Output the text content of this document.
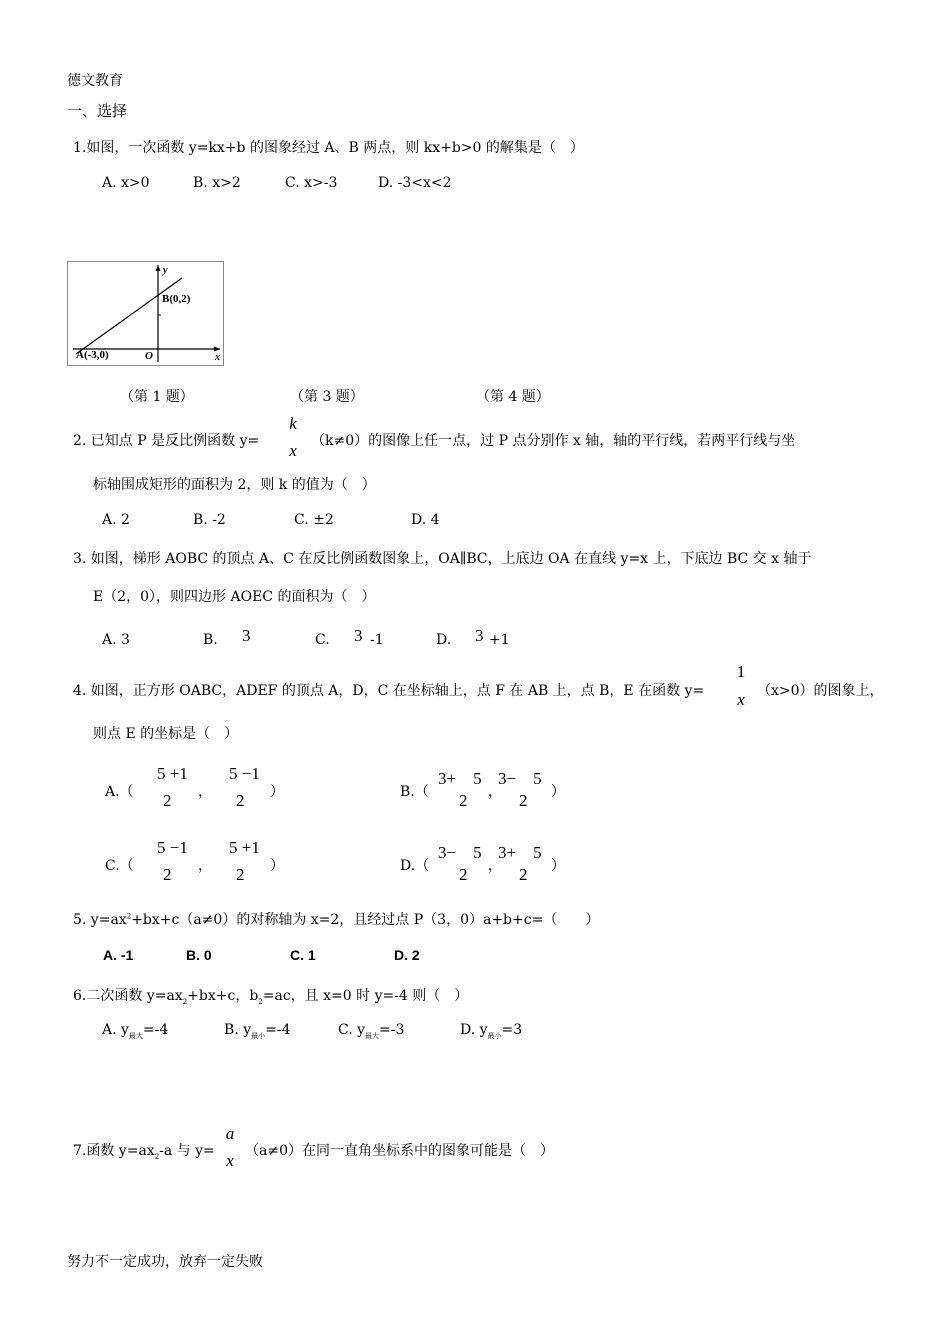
德文教育
一、选择
1.如图，一次函数 y=kx+b 的图象经过 A、B 两点，则 kx+b>0 的解集是（　）
A. x>0	B. x>2	C. x>-3	D. -3<x<2
y
x
O
A(-3,0)
B(0,2)
（第 1 题）	（第 3 题）	（第 4 题）
2. 已知点 P 是反比例函数 y=
k
x （k≠0）的图像上任一点，过 P 点分别作 x 轴，轴的平行线，若两平行线与坐
标轴围成矩形的面积为 2，则 k 的值为（　）
A. 2	B. -2	C. ±2	D. 4
3. 如图，梯形 AOBC 的顶点 A、C 在反比例函数图象上，OA∥BC，上底边 OA 在直线 y=x 上，下底边 BC 交 x 轴于
E（2，0），则四边形 AOEC 的面积为（　）
A. 3	B. 3	C. 3 -1	D. 3 +1
4. 如图，正方形 OABC，ADEF 的顶点 A，D，C 在坐标轴上，点 F 在 AB 上，点 B，E 在函数 y=
1
x （x>0）的图象上，
则点 E 的坐标是（　）
A.（
5 +1
2 ，
5 −1
2 ）	B.（
3+　5
2 ，
3−　5
2 ）
C.（
5 −1
2 ，
5 +1
2 ）	D.（
3−　5
2 ，
3+　5
2 ）
5. $y=ax^2+bx+c(a\ne 0)$的对称轴为 x=2，且经过点 P（3，0）a+b+c=（　　）
A. -1	B. 0	C. 1	D. 2
6.二次函数 $y=ax_2+bx+c$，$b_2=ac$，且 x=0 时 y=-4 则（　）
A. $y_{最大}=-4$	B. $y_{最小}=-4$	C. $y_{最大}=-3$	D. $y_{最小}=3$
7.函数 $y=ax_2-a$ 与 y=
a
x （a≠0）在同一直角坐标系中的图象可能是（　）
努力不一定成功，放弃一定失败
